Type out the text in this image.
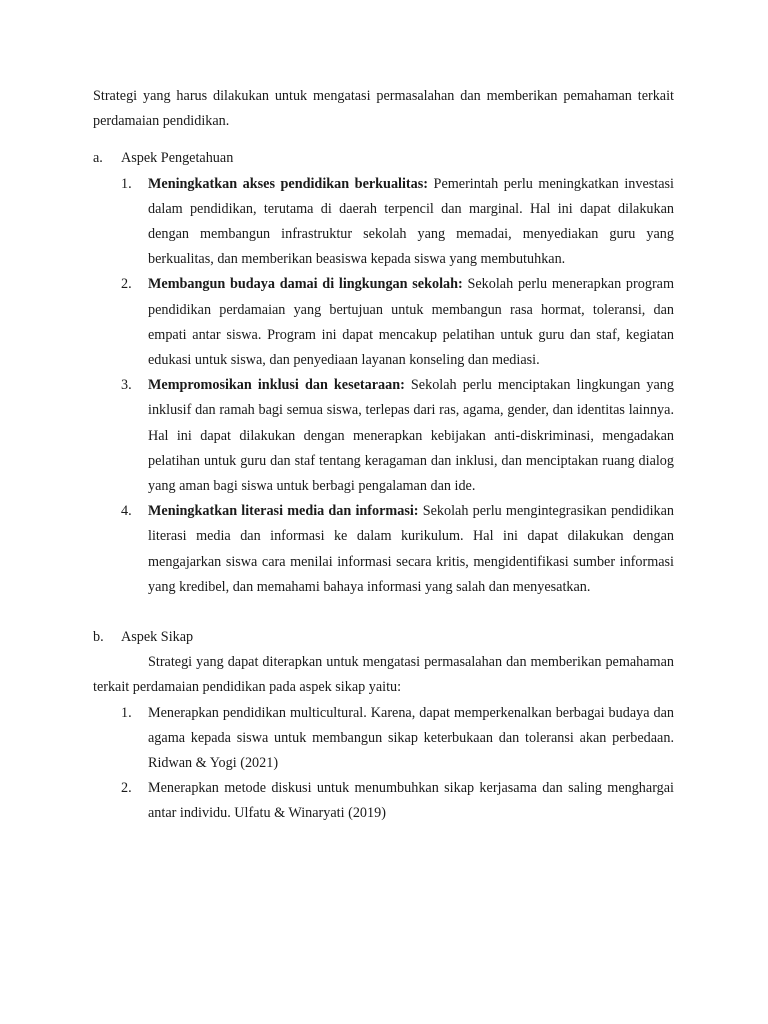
Strategi yang harus dilakukan untuk mengatasi permasalahan dan memberikan pemahaman terkait perdamaian pendidikan.

a.	Aspek Pengetahuan
1.	Meningkatkan akses pendidikan berkualitas: Pemerintah perlu meningkatkan investasi dalam pendidikan, terutama di daerah terpencil dan marginal. Hal ini dapat dilakukan dengan membangun infrastruktur sekolah yang memadai, menyediakan guru yang berkualitas, dan memberikan beasiswa kepada siswa yang membutuhkan.
2.	Membangun budaya damai di lingkungan sekolah: Sekolah perlu menerapkan program pendidikan perdamaian yang bertujuan untuk membangun rasa hormat, toleransi, dan empati antar siswa. Program ini dapat mencakup pelatihan untuk guru dan staf, kegiatan edukasi untuk siswa, dan penyediaan layanan konseling dan mediasi.
3.	Mempromosikan inklusi dan kesetaraan: Sekolah perlu menciptakan lingkungan yang inklusif dan ramah bagi semua siswa, terlepas dari ras, agama, gender, dan identitas lainnya. Hal ini dapat dilakukan dengan menerapkan kebijakan anti-diskriminasi, mengadakan pelatihan untuk guru dan staf tentang keragaman dan inklusi, dan menciptakan ruang dialog yang aman bagi siswa untuk berbagi pengalaman dan ide.
4.	Meningkatkan literasi media dan informasi: Sekolah perlu mengintegrasikan pendidikan literasi media dan informasi ke dalam kurikulum. Hal ini dapat dilakukan dengan mengajarkan siswa cara menilai informasi secara kritis, mengidentifikasi sumber informasi yang kredibel, dan memahami bahaya informasi yang salah dan menyesatkan.
b.	Aspek Sikap

Strategi yang dapat diterapkan untuk mengatasi permasalahan dan memberikan pemahaman terkait perdamaian pendidikan pada aspek sikap yaitu:

1.	Menerapkan pendidikan multicultural. Karena, dapat memperkenalkan berbagai budaya dan agama kepada siswa untuk membangun sikap keterbukaan dan toleransi akan perbedaan. Ridwan & Yogi (2021)
2.	Menerapkan metode diskusi untuk menumbuhkan sikap kerjasama dan saling menghargai antar individu. Ulfatu & Winaryati (2019)
